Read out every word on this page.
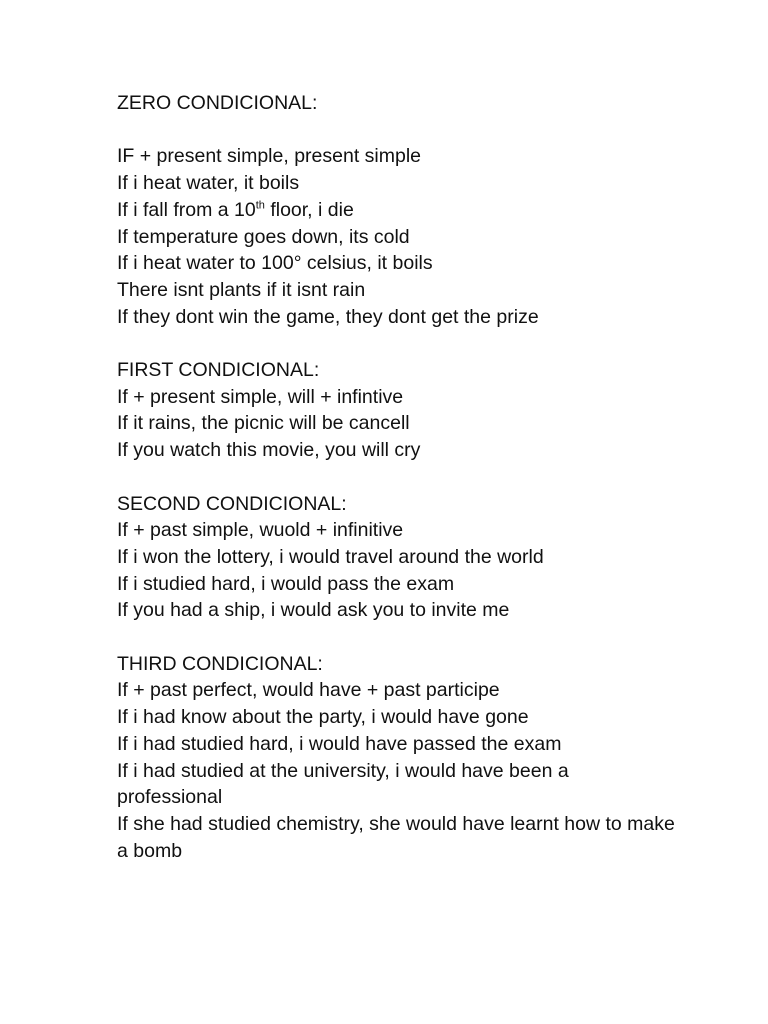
ZERO CONDICIONAL:
IF + present simple, present simple
If i heat water, it boils
If i fall from a 10th floor, i die
If temperature goes down, its cold
If i heat water to 100° celsius, it boils
There isnt plants if it isnt rain
If they dont win the game, they dont get the prize
FIRST CONDICIONAL:
If + present simple, will + infintive
If it rains, the picnic will be cancell
If you watch this movie, you will cry
SECOND CONDICIONAL:
If + past simple, wuold + infinitive
If i won the lottery, i would travel around the world
If i studied hard, i would pass the exam
If you had a ship, i would ask you to invite me
THIRD CONDICIONAL:
If + past perfect, would have + past participe
If i had know about the party, i would have gone
If i had studied hard, i would have passed the exam
If i had studied at the university, i would have been a professional
If she had studied chemistry, she would have learnt how to make a bomb
